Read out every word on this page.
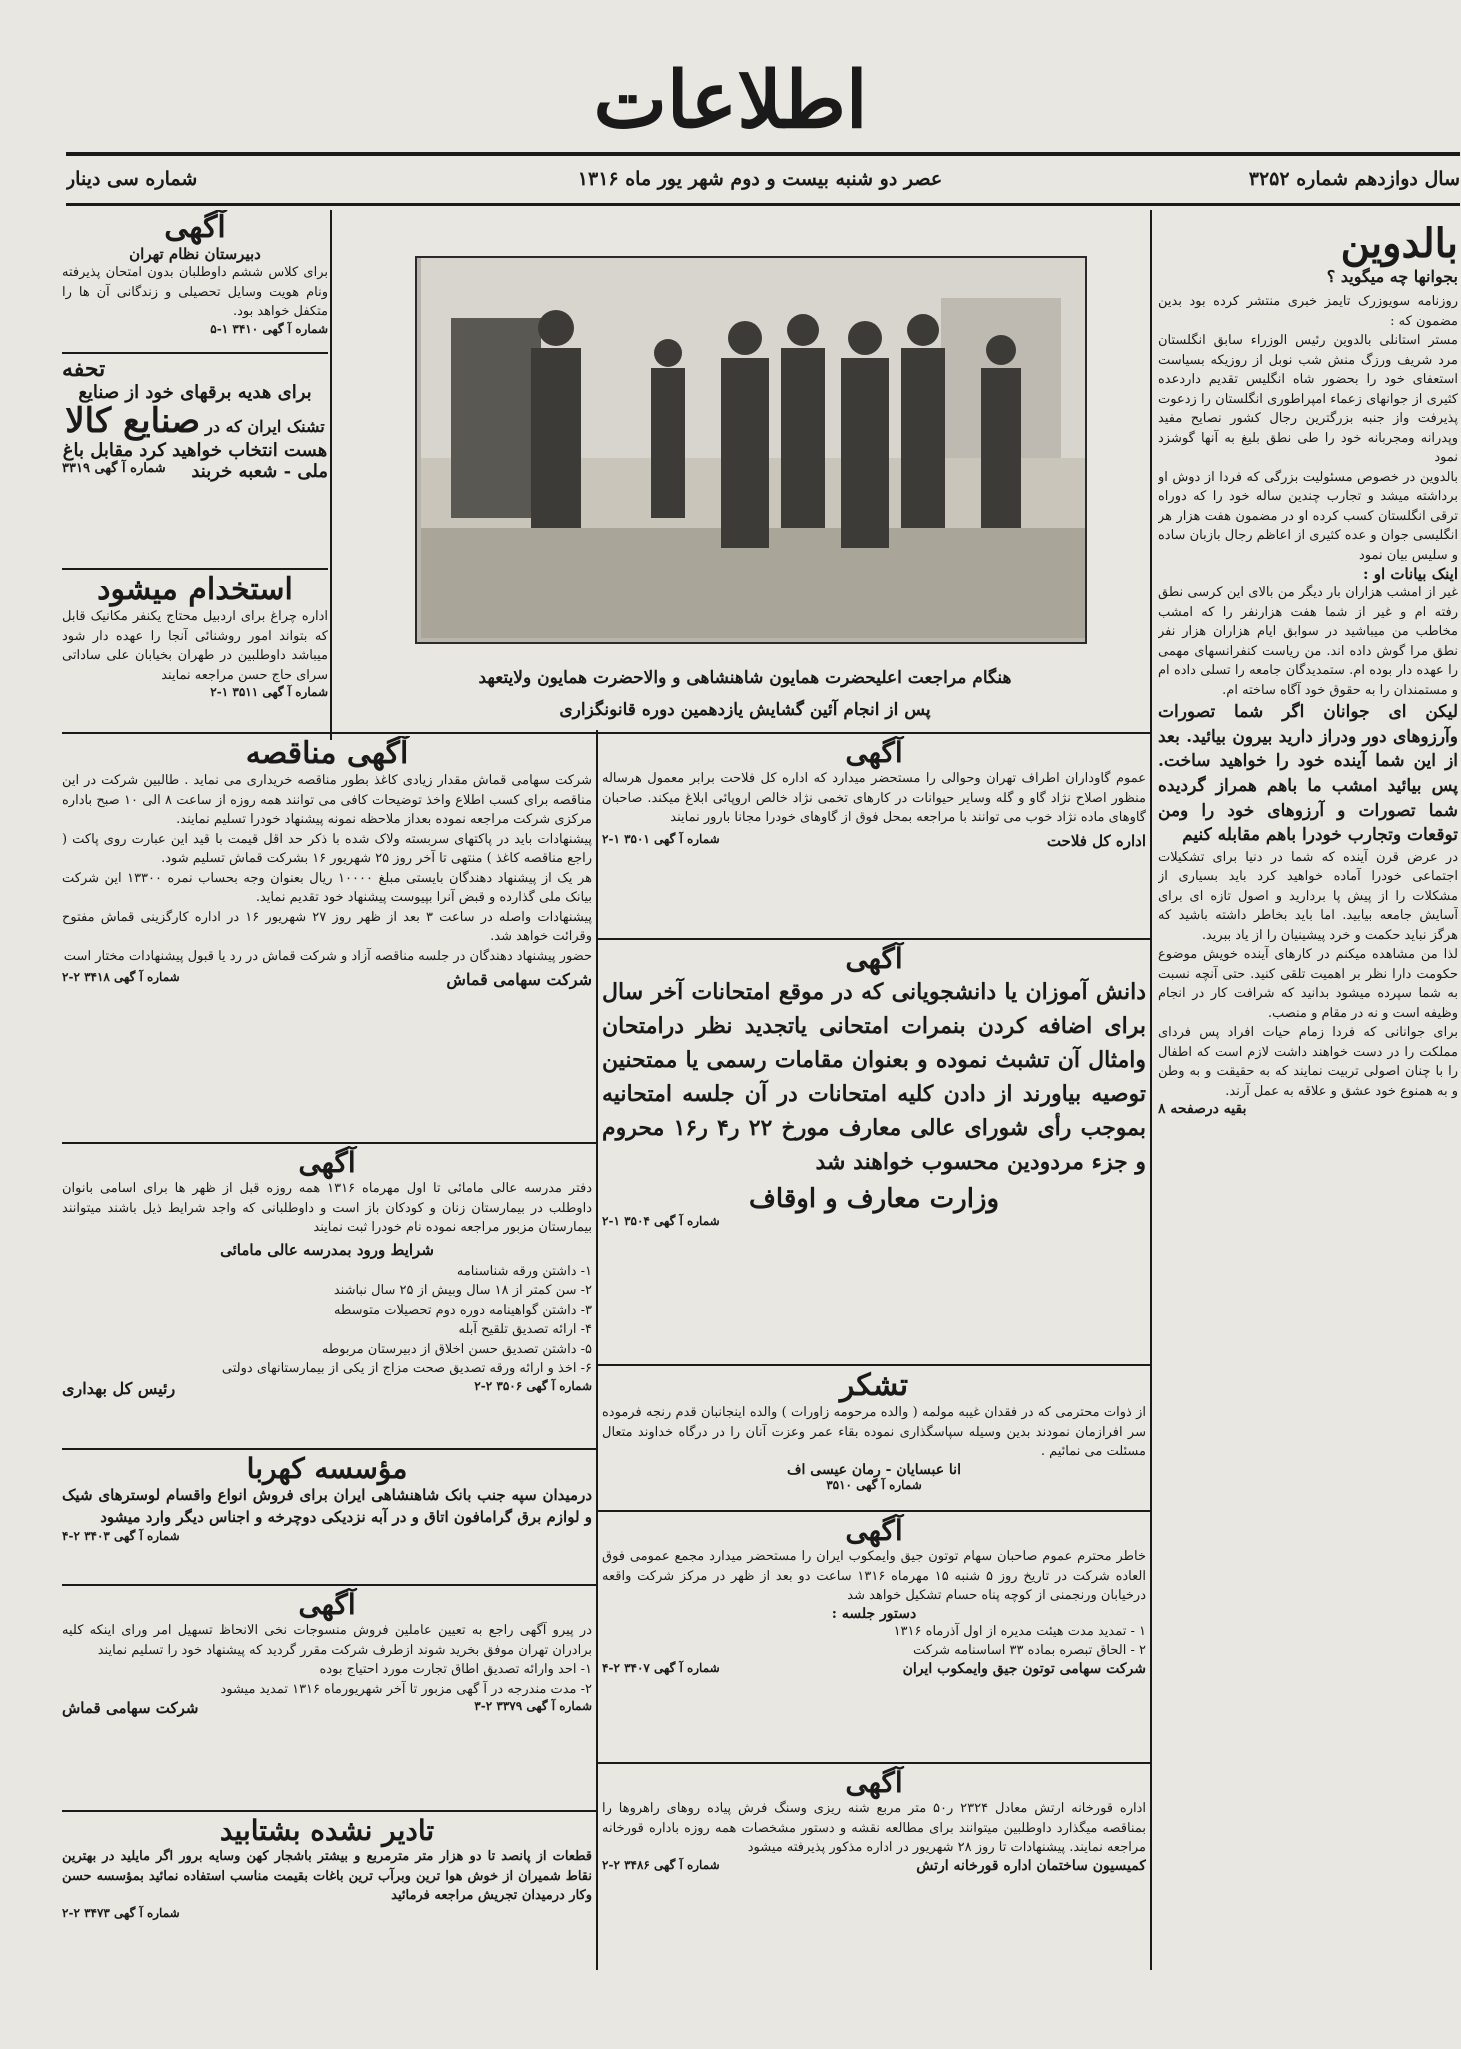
اطلاعات
سال دوازدهم شماره ۳۲۵۲
عصر دو شنبه بیست و دوم شهر یور ماه ۱۳۱۶
شماره سی دینار
بالدوین
بجوانها چه میگوید ؟
روزنامه سویوزرک تایمز خبری منتشر کرده بود بدین مضمون که :
مستر استانلی بالدوین رئیس الوزراء سابق انگلستان مرد شریف ورزگ منش شب نوبل از روزیکه بسیاست استعفای خود را بحضور شاه انگلیس تقدیم داردعده کثیری از جوانهای زعماء امپراطوری انگلستان را زدعوت پذیرفت واز جنبه بزرگترین رجال کشور نصایح مفید وپدرانه ومجربانه خود را طی نطق بلیغ به آنها گوشزد نمود
بالدوین در خصوص مسئولیت بزرگی که فردا از دوش او برداشته میشد و تجارب چندین ساله خود را که دوراه ترقی انگلستان کسب کرده او در مضمون هفت هزار هر انگلیسی جوان و عده کثیری از اعاظم رجال بازبان ساده و سلیس بیان نمود
اینک بیانات او :
غیر از امشب هزاران بار دیگر من بالای این کرسی نطق رفته ام و غیر از شما هفت هزارنفر را که امشب مخاطب من میباشید در سوابق ایام هزاران هزار نفر نطق مرا گوش داده اند. من ریاست کنفرانسهای مهمی را عهده دار بوده ام. ستمدیدگان جامعه را تسلی داده ام و مستمندان را به حقوق خود آگاه ساخته ام.
لیکن ای جوانان اگر شما تصورات وآرزوهای دور ودراز دارید بیرون بیائید. بعد از این شما آینده خود را خواهید ساخت. پس بیائید امشب ما باهم همراز گردیده شما تصورات و آرزوهای خود را ومن توقعات وتجارب خودرا باهم مقابله کنیم
در عرض قرن آینده که شما در دنیا برای تشکیلات اجتماعی خودرا آماده خواهید کرد باید بسیاری از مشکلات را از پیش پا بردارید و اصول تازه ای برای آسایش جامعه بیابید. اما باید بخاطر داشته باشید که هرگز نباید حکمت و خرد پیشینیان را از یاد ببرید.
لذا من مشاهده میکنم در کارهای آینده خویش موضوع حکومت دارا نظر بر اهمیت تلقی کنید. حتی آنچه نسبت به شما سپرده میشود بدانید که شرافت کار در انجام وظیفه است و نه در مقام و منصب.
برای جوانانی که فردا زمام حیات افراد پس فردای مملکت را در دست خواهند داشت لازم است که اطفال را با چنان اصولی تربیت نمایند که به حقیقت و به وطن و به همنوع خود عشق و علاقه به عمل آرند.
بقیه درصفحه ۸
آگهی
دبیرستان نظام تهران
برای کلاس ششم داوطلبان بدون امتحان پذیرفته ونام هویت وسایل تحصیلی و زندگانی آن ها را متکفل خواهد بود.
شماره آ گهی ۳۴۱۰ ۱-۵
تحفه
برای هدیه برقهای خود از صنایع
تشنک ایران که در صنایع کالا
هست انتخاب خواهید کرد مقابل باغ
ملی - شعبه خربند
شماره آ گهی ۳۳۱۹
استخدام میشود
اداره چراغ برای اردبیل محتاج یکنفر مکانیک قابل که بتواند امور روشنائی آنجا را عهده دار شود میباشد داوطلبین در طهران بخیابان علی ساداتی سرای حاج حسن مراجعه نمایند
شماره آ گهی ۳۵۱۱ ۱-۲
هنگام مراجعت اعلیحضرت همایون شاهنشاهی و والاحضرت همایون ولایتعهد
پس از انجام آئین گشایش یازدهمین دوره قانونگزاری
آگهی مناقصه
شرکت سهامی قماش مقدار زیادی کاغذ بطور مناقصه خریداری می نماید . طالبین شرکت در این مناقصه برای کسب اطلاع واخذ توضیحات کافی می توانند همه روزه از ساعت ۸ الی ۱۰ صبح باداره مرکزی شرکت مراجعه نموده بعداز ملاحظه نمونه پیشنهاد خودرا تسلیم نمایند.
پیشنهادات باید در پاکتهای سربسته ولاک شده با ذکر حد اقل قیمت با قید این عبارت روی پاکت ( راجع مناقصه کاغذ ) منتهی تا آخر روز ۲۵ شهریور ۱۶ بشرکت قماش تسلیم شود.
هر یک از پیشنهاد دهندگان بایستی مبلغ ۱۰۰۰۰ ریال بعنوان وجه بحساب نمره ۱۳۳۰۰ این شرکت بیانک ملی گذارده و قبض آنرا بپیوست پیشنهاد خود تقدیم نماید.
پیشنهادات واصله در ساعت ۳ بعد از ظهر روز ۲۷ شهریور ۱۶ در اداره کارگزینی قماش مفتوح وقرائت خواهد شد.
حضور پیشنهاد دهندگان در جلسه مناقصه آزاد و شرکت قماش در رد یا قبول پیشنهادات مختار است
شرکت سهامی قماش
شماره آ گهی ۳۴۱۸ ۲-۲
آگهی
دفتر مدرسه عالی مامائی تا اول مهرماه ۱۳۱۶ همه روزه قبل از ظهر ها برای اسامی بانوان داوطلب در بیمارستان زنان و کودکان باز است و داوطلبانی که واجد شرایط ذیل باشند میتوانند بیمارستان مزبور مراجعه نموده نام خودرا ثبت نمایند
شرایط ورود بمدرسه عالی مامائی
۱- داشتن ورقه شناسنامه
۲- سن کمتر از ۱۸ سال وبیش از ۲۵ سال نباشند
۳- داشتن گواهینامه دوره دوم تحصیلات متوسطه
۴- ارائه تصدیق تلقیح آبله
۵- داشتن تصدیق حسن اخلاق از دبیرستان مربوطه
۶- اخذ و ارائه ورقه تصدیق صحت مزاج از یکی از بیمارستانهای دولتی
شماره آ گهی ۳۵۰۶ ۲-۲
رئیس کل بهداری
مؤسسه کهربا
درمیدان سپه جنب بانک شاهنشاهی ایران برای فروش انواع واقسام لوسترهای شیک و لوازم برق گرامافون اتاق و در آبه نزدیکی دوچرخه و اجناس دیگر وارد میشود
شماره آ گهی ۳۴۰۳ ۲-۴
آگهی
در پیرو آگهی راجع به تعیین عاملین فروش منسوجات نخی الانحاظ تسهیل امر ورای اینکه کلیه برادران تهران موفق بخرید شوند ازطرف شرکت مقرر گردید که پیشنهاد خود را تسلیم نمایند
۱- احد وارائه تصدیق اطاق تجارت مورد احتیاج بوده
۲- مدت مندرجه در آ گهی مزبور تا آخر شهریورماه ۱۳۱۶ تمدید میشود
شماره آ گهی ۳۳۷۹ ۲-۳
شرکت سهامی قماش
تادیر نشده بشتابید
قطعات از پانصد تا دو هزار متر مترمربع و بیشتر باشجار کهن وسایه برور اگر مایلید در بهترین نقاط شمیران از خوش هوا ترین وبرآب ترین باغات بقیمت مناسب استفاده نمائید بمؤسسه حسن وکار درمیدان تجریش مراجعه فرمائید
شماره آ گهی ۳۴۷۳ ۲-۲
آگهی
عموم گاوداران اطراف تهران وحوالی را مستحضر میدارد که اداره کل فلاحت برابر معمول هرساله منظور اصلاح نژاد گاو و گله وسایر حیوانات در کارهای تخمی نژاد خالص اروپائی ابلاغ میکند. صاحبان گاوهای ماده نژاد خوب می توانند با مراجعه بمحل فوق از گاوهای خودرا مجانا بارور نمایند
اداره کل فلاحت
شماره آ گهی ۳۵۰۱ ۱-۲
آگهی
دانش آموزان یا دانشجویانی که در موقع امتحانات آخر سال برای اضافه کردن بنمرات امتحانی یاتجدید نظر درامتحان وامثال آن تشبث نموده و بعنوان مقامات رسمی یا ممتحنین توصیه بیاورند از دادن کلیه امتحانات در آن جلسه امتحانیه بموجب رأی شورای عالی معارف مورخ ۲۲ ر۴ ر۱۶ محروم و جزء مردودین محسوب خواهند شد
وزارت معارف و اوقاف
شماره آ گهی ۳۵۰۴ ۱-۲
تشکر
از ذوات محترمی که در فقدان غیبه مولمه ( والده مرحومه زاورات ) والده اینجانبان قدم رنجه فرموده سر افرازمان نمودند بدین وسیله سپاسگذاری نموده بقاء عمر وعزت آنان را در درگاه خداوند متعال مسئلت می نمائیم .
انا عبسایان - رمان عیسی اف
شماره آ گهی ۳۵۱۰
آگهی
خاطر محترم عموم صاحبان سهام توتون جیق وایمکوب ایران را مستحضر میدارد مجمع عمومی فوق العاده شرکت در تاریخ روز ۵ شنبه ۱۵ مهرماه ۱۳۱۶ ساعت دو بعد از ظهر در مرکز شرکت واقعه درخیابان ورنجمنی از کوچه پناه حسام تشکیل خواهد شد
دستور جلسه :
۱ - تمدید مدت هیئت مدیره از اول آذرماه ۱۳۱۶
۲ - الحاق تبصره بماده ۳۳ اساسنامه شرکت
شرکت سهامی توتون جیق وایمکوب ایران
شماره آ گهی ۳۴۰۷ ۲-۴
آگهی
اداره قورخانه ارتش معادل ۲۳۲۴ ر۵۰ متر مربع شنه ریزی وسنگ فرش پیاده روهای راهروها را بمناقصه میگذارد داوطلبین میتوانند برای مطالعه نقشه و دستور مشخصات همه روزه باداره قورخانه مراجعه نمایند. پیشنهادات تا روز ۲۸ شهریور در اداره مذکور پذیرفته میشود
کمیسیون ساختمان اداره قورخانه ارتش
شماره آ گهی ۳۴۸۶ ۲-۲
